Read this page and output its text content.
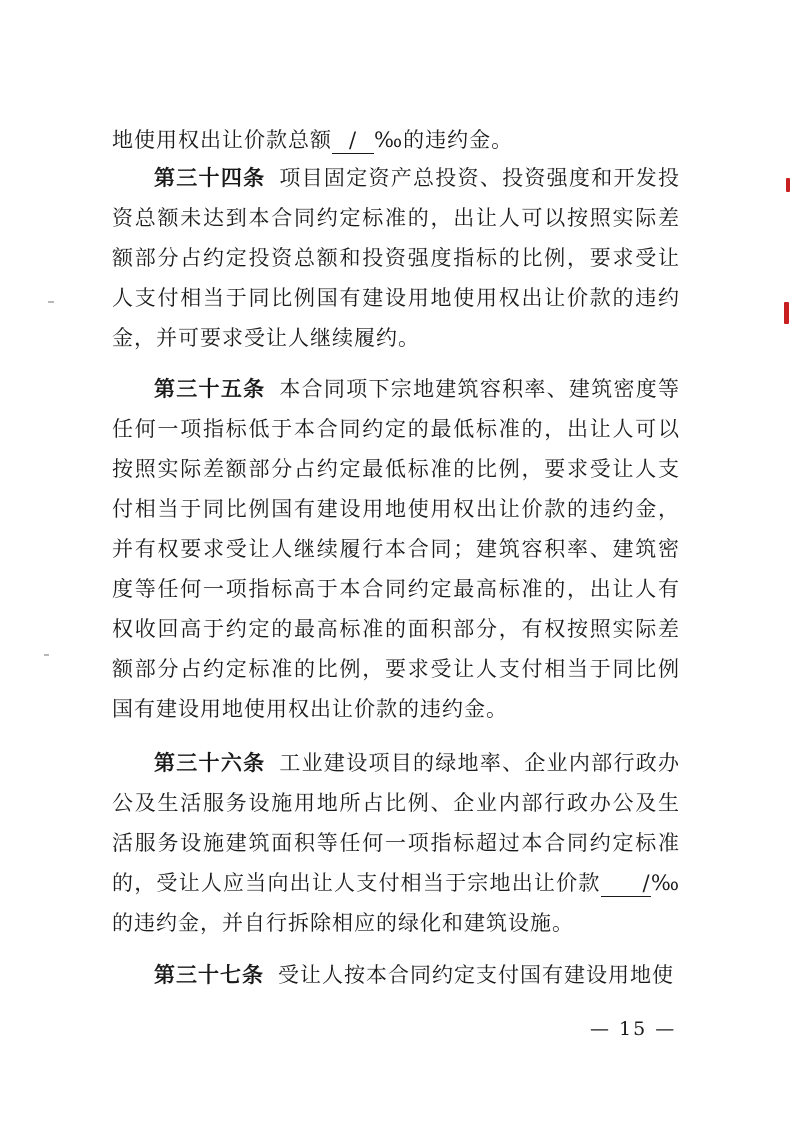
地使用权出让价款总额 / ‰的违约金。
第三十四条 项目固定资产总投资、投资强度和开发投资总额未达到本合同约定标准的，出让人可以按照实际差额部分占约定投资总额和投资强度指标的比例，要求受让人支付相当于同比例国有建设用地使用权出让价款的违约金，并可要求受让人继续履约。
第三十五条 本合同项下宗地建筑容积率、建筑密度等任何一项指标低于本合同约定的最低标准的，出让人可以按照实际差额部分占约定最低标准的比例，要求受让人支付相当于同比例国有建设用地使用权出让价款的违约金，并有权要求受让人继续履行本合同；建筑容积率、建筑密度等任何一项指标高于本合同约定最高标准的，出让人有权收回高于约定的最高标准的面积部分，有权按照实际差额部分占约定标准的比例，要求受让人支付相当于同比例国有建设用地使用权出让价款的违约金。
第三十六条 工业建设项目的绿地率、企业内部行政办公及生活服务设施用地所占比例、企业内部行政办公及生活服务设施建筑面积等任何一项指标超过本合同约定标准的，受让人应当向出让人支付相当于宗地出让价款 /‰的违约金，并自行拆除相应的绿化和建筑设施。
第三十七条 受让人按本合同约定支付国有建设用地使
— 15 —
